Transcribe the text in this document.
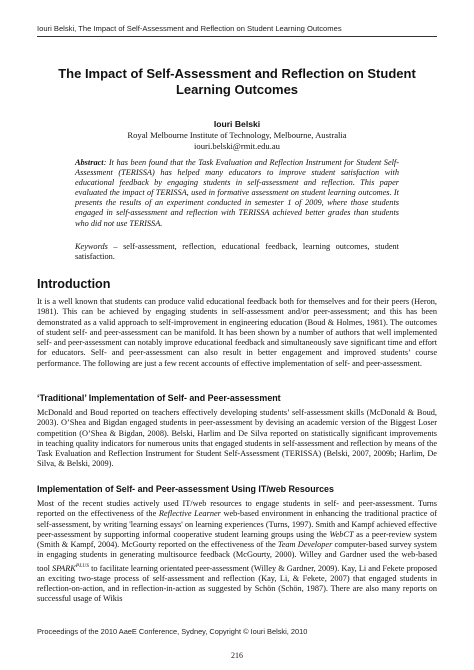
Iouri Belski, The Impact of Self-Assessment and Reflection on Student Learning Outcomes
The Impact of Self-Assessment and Reflection on Student Learning Outcomes
Iouri Belski
Royal Melbourne Institute of Technology, Melbourne, Australia
iouri.belski@rmit.edu.au
Abstract: It has been found that the Task Evaluation and Reflection Instrument for Student Self-Assessment (TERISSA) has helped many educators to improve student satisfaction with educational feedback by engaging students in self-assessment and reflection. This paper evaluated the impact of TERISSA, used in formative assessment on student learning outcomes. It presents the results of an experiment conducted in semester 1 of 2009, where those students engaged in self-assessment and reflection with TERISSA achieved better grades than students who did not use TERISSA.
Keywords – self-assessment, reflection, educational feedback, learning outcomes, student satisfaction.
Introduction
It is a well known that students can produce valid educational feedback both for themselves and for their peers (Heron, 1981). This can be achieved by engaging students in self-assessment and/or peer-assessment; and this has been demonstrated as a valid approach to self-improvement in engineering education (Boud & Holmes, 1981). The outcomes of student self- and peer-assessment can be manifold. It has been shown by a number of authors that well implemented self- and peer-assessment can notably improve educational feedback and simultaneously save significant time and effort for educators. Self- and peer-assessment can also result in better engagement and improved students’ course performance. The following are just a few recent accounts of effective implementation of self- and peer-assessment.
‘Traditional’ Implementation of Self- and Peer-assessment
McDonald and Boud reported on teachers effectively developing students’ self-assessment skills (McDonald & Boud, 2003). O’Shea and Bigdan engaged students in peer-assessment by devising an academic version of the Biggest Loser competition (O’Shea & Bigdan, 2008). Belski, Harlim and De Silva reported on statistically significant improvements in teaching quality indicators for numerous units that engaged students in self-assessment and reflection by means of the Task Evaluation and Reflection Instrument for Student Self-Assessment (TERISSA) (Belski, 2007, 2009b; Harlim, De Silva, & Belski, 2009).
Implementation of Self- and Peer-assessment Using IT/web Resources
Most of the recent studies actively used IT/web resources to engage students in self- and peer-assessment. Turns reported on the effectiveness of the Reflective Learner web-based environment in enhancing the traditional practice of self-assessment, by writing 'learning essays' on learning experiences (Turns, 1997). Smith and Kampf achieved effective peer-assessment by supporting informal cooperative student learning groups using the WebCT as a peer-review system (Smith & Kampf, 2004). McGourty reported on the effectiveness of the Team Developer computer-based survey system in engaging students in generating multisource feedback (McGourty, 2000). Willey and Gardner used the web-based tool $SPARK^{PLUS}$ to facilitate learning orientated peer-assessment (Willey & Gardner, 2009). Kay, Li and Fekete proposed an exciting two-stage process of self-assessment and reflection (Kay, Li, & Fekete, 2007) that engaged students in reflection-on-action, and in reflection-in-action as suggested by Schön (Schön, 1987). There are also many reports on successful usage of Wikis
Proceedings of the 2010 AaeE Conference, Sydney, Copyright © Iouri Belski, 2010
216
